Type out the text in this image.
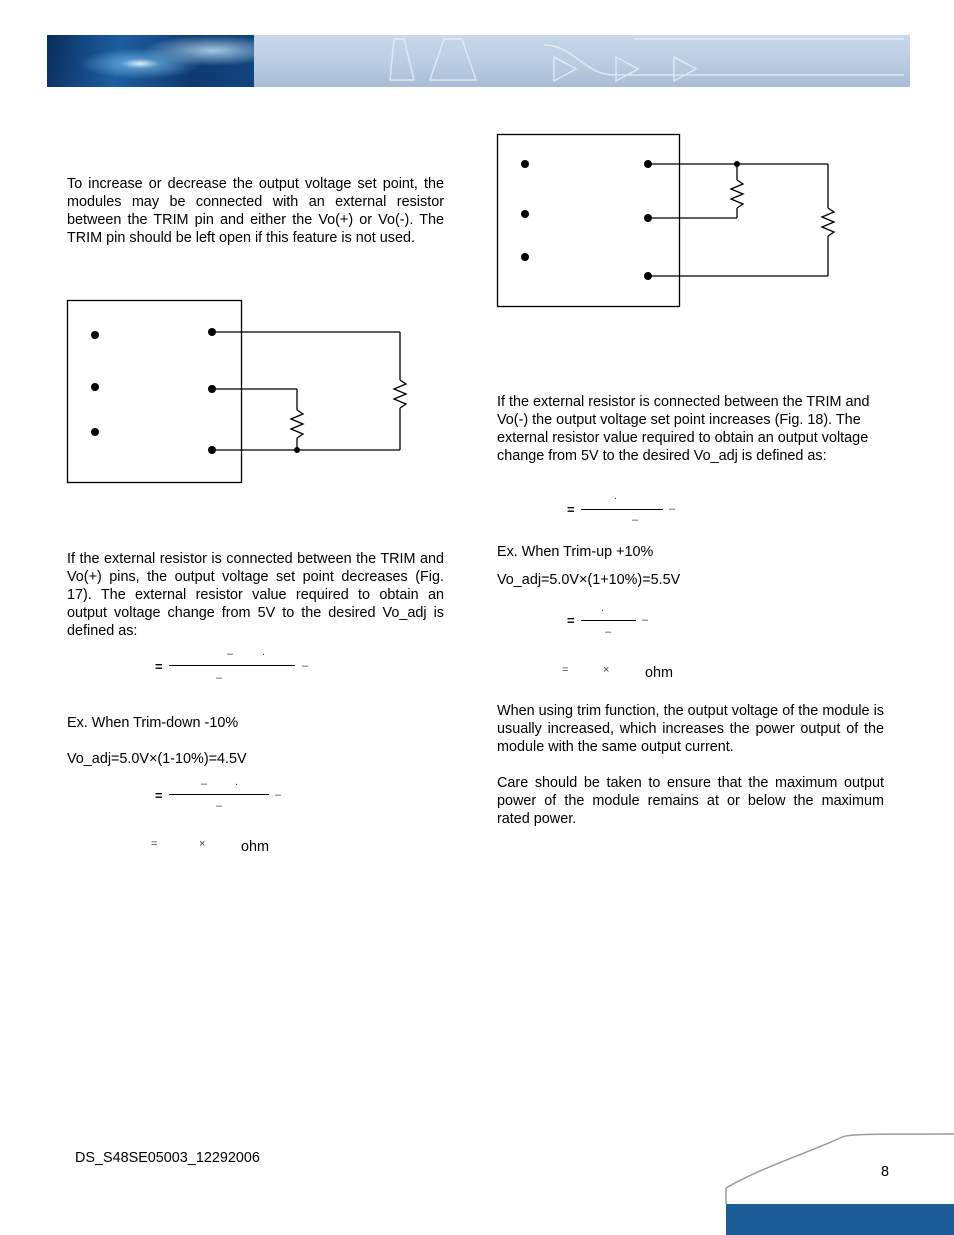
To increase or decrease the output voltage set point, the modules may be connected with an external resistor between the TRIM pin and either the Vo(+) or Vo(-). The TRIM pin should be left open if this feature is not used.

If the external resistor is connected between the TRIM and Vo(+) pins, the output voltage set point decreases (Fig. 17). The external resistor value required to obtain an output voltage change from 5V to the desired Vo_adj is defined as:

=
–	.
–
–

Ex. When Trim-down -10%

Vo_adj=5.0V×(1-10%)=4.5V

=
–	.
–
–
=	× ohm

If the external resistor is connected between the TRIM and Vo(-) the output voltage set point increases (Fig. 18). The external resistor value required to obtain an output voltage change from 5V to the desired Vo_adj is defined as:

=
.
–
–

Ex. When Trim-up +10%

Vo_adj=5.0V×(1+10%)=5.5V

=
.
–
–
=	× ohm

When using trim function, the output voltage of the module is usually increased, which increases the power output of the module with the same output current.

Care should be taken to ensure that the maximum output power of the module remains at or below the maximum rated power.

DS_S48SE05003_12292006
8
